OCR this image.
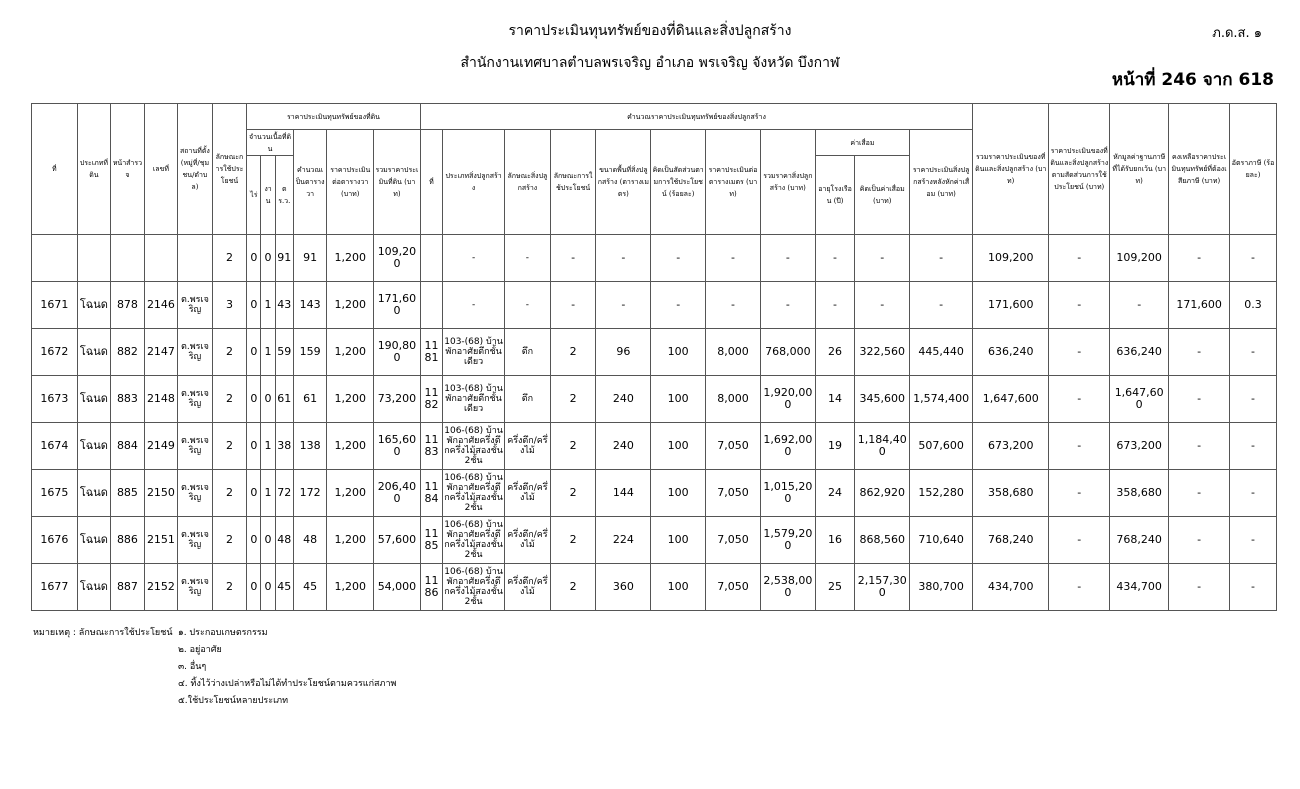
ราคาประเมินทุนทรัพย์ของที่ดินและสิ่งปลูกสร้าง
สำนักงานเทศบาลตำบลพรเจริญ อำเภอ พรเจริญ จังหวัด บึงกาฬ
ภ.ด.ส. ๑
หน้าที่ 246 จาก 618
ที่	ประเภทที่ดิน	หน้าสำรวจ	เลขที่	สถานที่ตั้ง(หมู่ที่/ชุมชน/ตำบล)	ลักษณะการใช้ประโยชน์	ราคาประเมินทุนทรัพย์ของที่ดิน						คำนวณราคาประเมินทุนทรัพย์ของสิ่งปลูกสร้าง											รวมราคาประเมินของที่ดินและสิ่งปลูกสร้าง (บาท)	ราคาประเมินของที่ดินและสิ่งปลูกสร้างตามสัดส่วนการใช้ประโยชน์ (บาท)	หักมูลค่าฐานภาษีที่ได้รับยกเว้น (บาท)	คงเหลือราคาประเมินทุนทรัพย์ที่ต้องเสียภาษี (บาท)	อัตราภาษี (ร้อยละ)
						จำนวนเนื้อที่ดิน			คำนวณเป็นตารางวา	ราคาประเมินต่อตารางวา (บาท)	รวมราคาประเมินที่ดิน (บาท)	ที่	ประเภทสิ่งปลูกสร้าง	ลักษณะสิ่งปลูกสร้าง	ลักษณะการใช้ประโยชน์	ขนาดพื้นที่สิ่งปลูกสร้าง (ตารางเมตร)	คิดเป็นสัดส่วนตามการใช้ประโยชน์ (ร้อยละ)	ราคาประเมินต่อตารางเมตร (บาท)	รวมราคาสิ่งปลูกสร้าง (บาท)	ค่าเสื่อม		ราคาประเมินสิ่งปลูกสร้างหลังหักค่าเสื่อม (บาท)					
						ไร่	งาน	ตร.ว.												อายุโรงเรือน (ปี)	คิดเป็นค่าเสื่อม (บาท)						
					2	0	0	91	91	1,200	109,200		-	-	-	-	-	-	-	-	-	-	109,200	-	109,200	-	-
1671	โฉนด	878	2146	ต.พรเจริญ	3	0	1	43	143	1,200	171,600		-	-	-	-	-	-	-	-	-	-	171,600	-	-	171,600	0.3
1672	โฉนด	882	2147	ต.พรเจริญ	2	0	1	59	159	1,200	190,800	1181	103-(68) บ้านพักอาศัยตึกชั้นเดียว	ตึก	2	96	100	8,000	768,000	26	322,560	445,440	636,240	-	636,240	-	-
1673	โฉนด	883	2148	ต.พรเจริญ	2	0	0	61	61	1,200	73,200	1182	103-(68) บ้านพักอาศัยตึกชั้นเดียว	ตึก	2	240	100	8,000	1,920,000	14	345,600	1,574,400	1,647,600	-	1,647,600	-	-
1674	โฉนด	884	2149	ต.พรเจริญ	2	0	1	38	138	1,200	165,600	1183	106-(68) บ้านพักอาศัยครึ่งตึกครึ่งไม้สองชั้น 2ชั้น	ครึ่งตึก/ครึ่งไม้	2	240	100	7,050	1,692,000	19	1,184,400	507,600	673,200	-	673,200	-	-
1675	โฉนด	885	2150	ต.พรเจริญ	2	0	1	72	172	1,200	206,400	1184	106-(68) บ้านพักอาศัยครึ่งตึกครึ่งไม้สองชั้น 2ชั้น	ครึ่งตึก/ครึ่งไม้	2	144	100	7,050	1,015,200	24	862,920	152,280	358,680	-	358,680	-	-
1676	โฉนด	886	2151	ต.พรเจริญ	2	0	0	48	48	1,200	57,600	1185	106-(68) บ้านพักอาศัยครึ่งตึกครึ่งไม้สองชั้น 2ชั้น	ครึ่งตึก/ครึ่งไม้	2	224	100	7,050	1,579,200	16	868,560	710,640	768,240	-	768,240	-	-
1677	โฉนด	887	2152	ต.พรเจริญ	2	0	0	45	45	1,200	54,000	1186	106-(68) บ้านพักอาศัยครึ่งตึกครึ่งไม้สองชั้น 2ชั้น	ครึ่งตึก/ครึ่งไม้	2	360	100	7,050	2,538,000	25	2,157,300	380,700	434,700	-	434,700	-	-
หมายเหตุ : ลักษณะการใช้ประโยชน์ ๑. ประกอบเกษตรกรรม
๒. อยู่อาศัย
๓. อื่นๆ
๔. ทิ้งไว้ว่างเปล่าหรือไม่ได้ทำประโยชน์ตามควรแก่สภาพ
๕.ใช้ประโยชน์หลายประเภท
